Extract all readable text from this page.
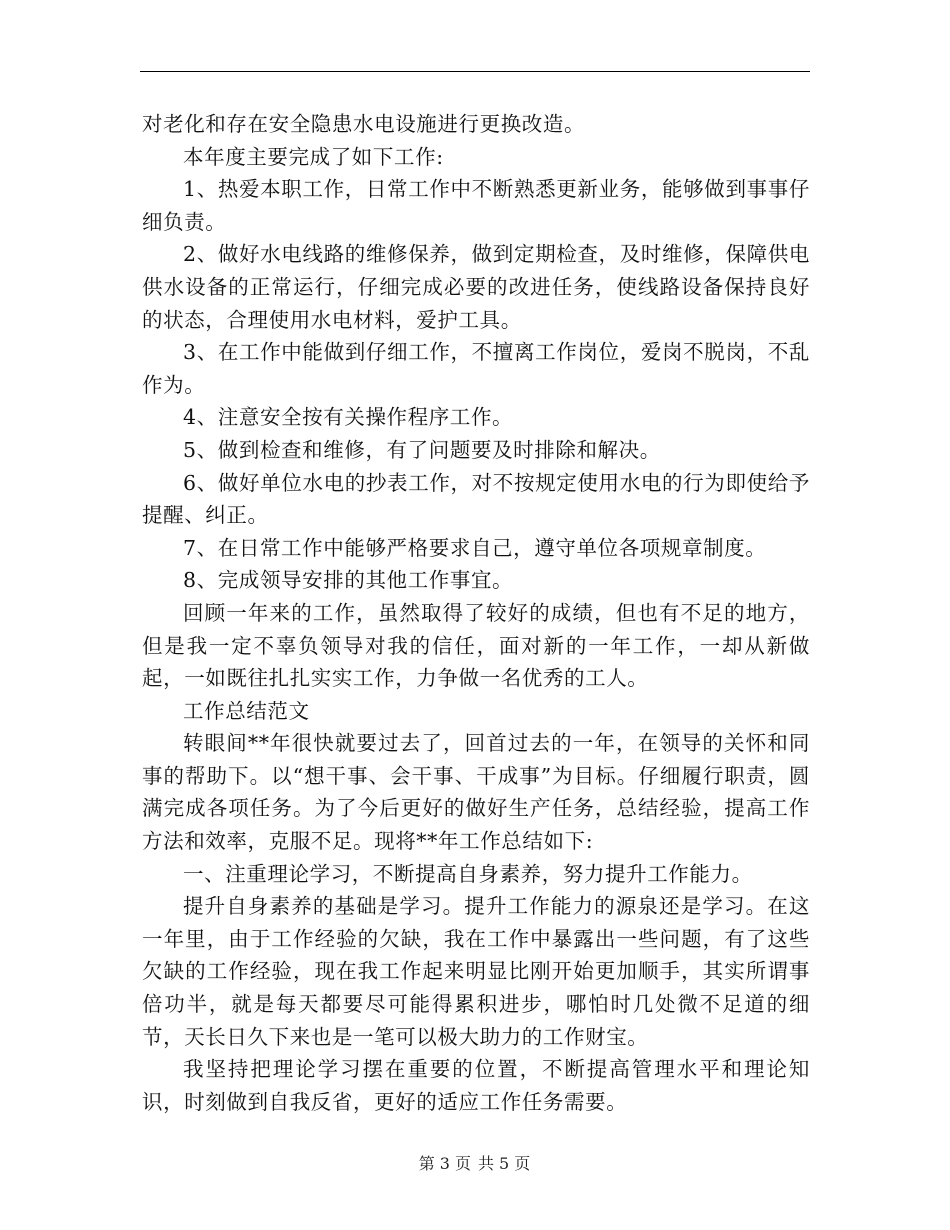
对老化和存在安全隐患水电设施进行更换改造。

本年度主要完成了如下工作:

1、热爱本职工作，日常工作中不断熟悉更新业务，能够做到事事仔细负责。

2、做好水电线路的维修保养，做到定期检查，及时维修，保障供电供水设备的正常运行，仔细完成必要的改进任务，使线路设备保持良好的状态，合理使用水电材料，爱护工具。

3、在工作中能做到仔细工作，不擅离工作岗位，爱岗不脱岗，不乱作为。

4、注意安全按有关操作程序工作。

5、做到检查和维修，有了问题要及时排除和解决。

6、做好单位水电的抄表工作，对不按规定使用水电的行为即使给予提醒、纠正。

7、在日常工作中能够严格要求自己，遵守单位各项规章制度。

8、完成领导安排的其他工作事宜。

回顾一年来的工作，虽然取得了较好的成绩，但也有不足的地方，但是我一定不辜负领导对我的信任，面对新的一年工作，一却从新做起，一如既往扎扎实实工作，力争做一名优秀的工人。

工作总结范文

转眼间**年很快就要过去了，回首过去的一年，在领导的关怀和同事的帮助下。以“想干事、会干事、干成事”为目标。仔细履行职责，圆满完成各项任务。为了今后更好的做好生产任务，总结经验，提高工作方法和效率，克服不足。现将**年工作总结如下:

一、注重理论学习，不断提高自身素养，努力提升工作能力。

提升自身素养的基础是学习。提升工作能力的源泉还是学习。在这一年里，由于工作经验的欠缺，我在工作中暴露出一些问题，有了这些欠缺的工作经验，现在我工作起来明显比刚开始更加顺手，其实所谓事倍功半，就是每天都要尽可能得累积进步，哪怕时几处微不足道的细节，天长日久下来也是一笔可以极大助力的工作财宝。

我坚持把理论学习摆在重要的位置，不断提高管理水平和理论知识，时刻做到自我反省，更好的适应工作任务需要。

第 3 页 共 5 页
